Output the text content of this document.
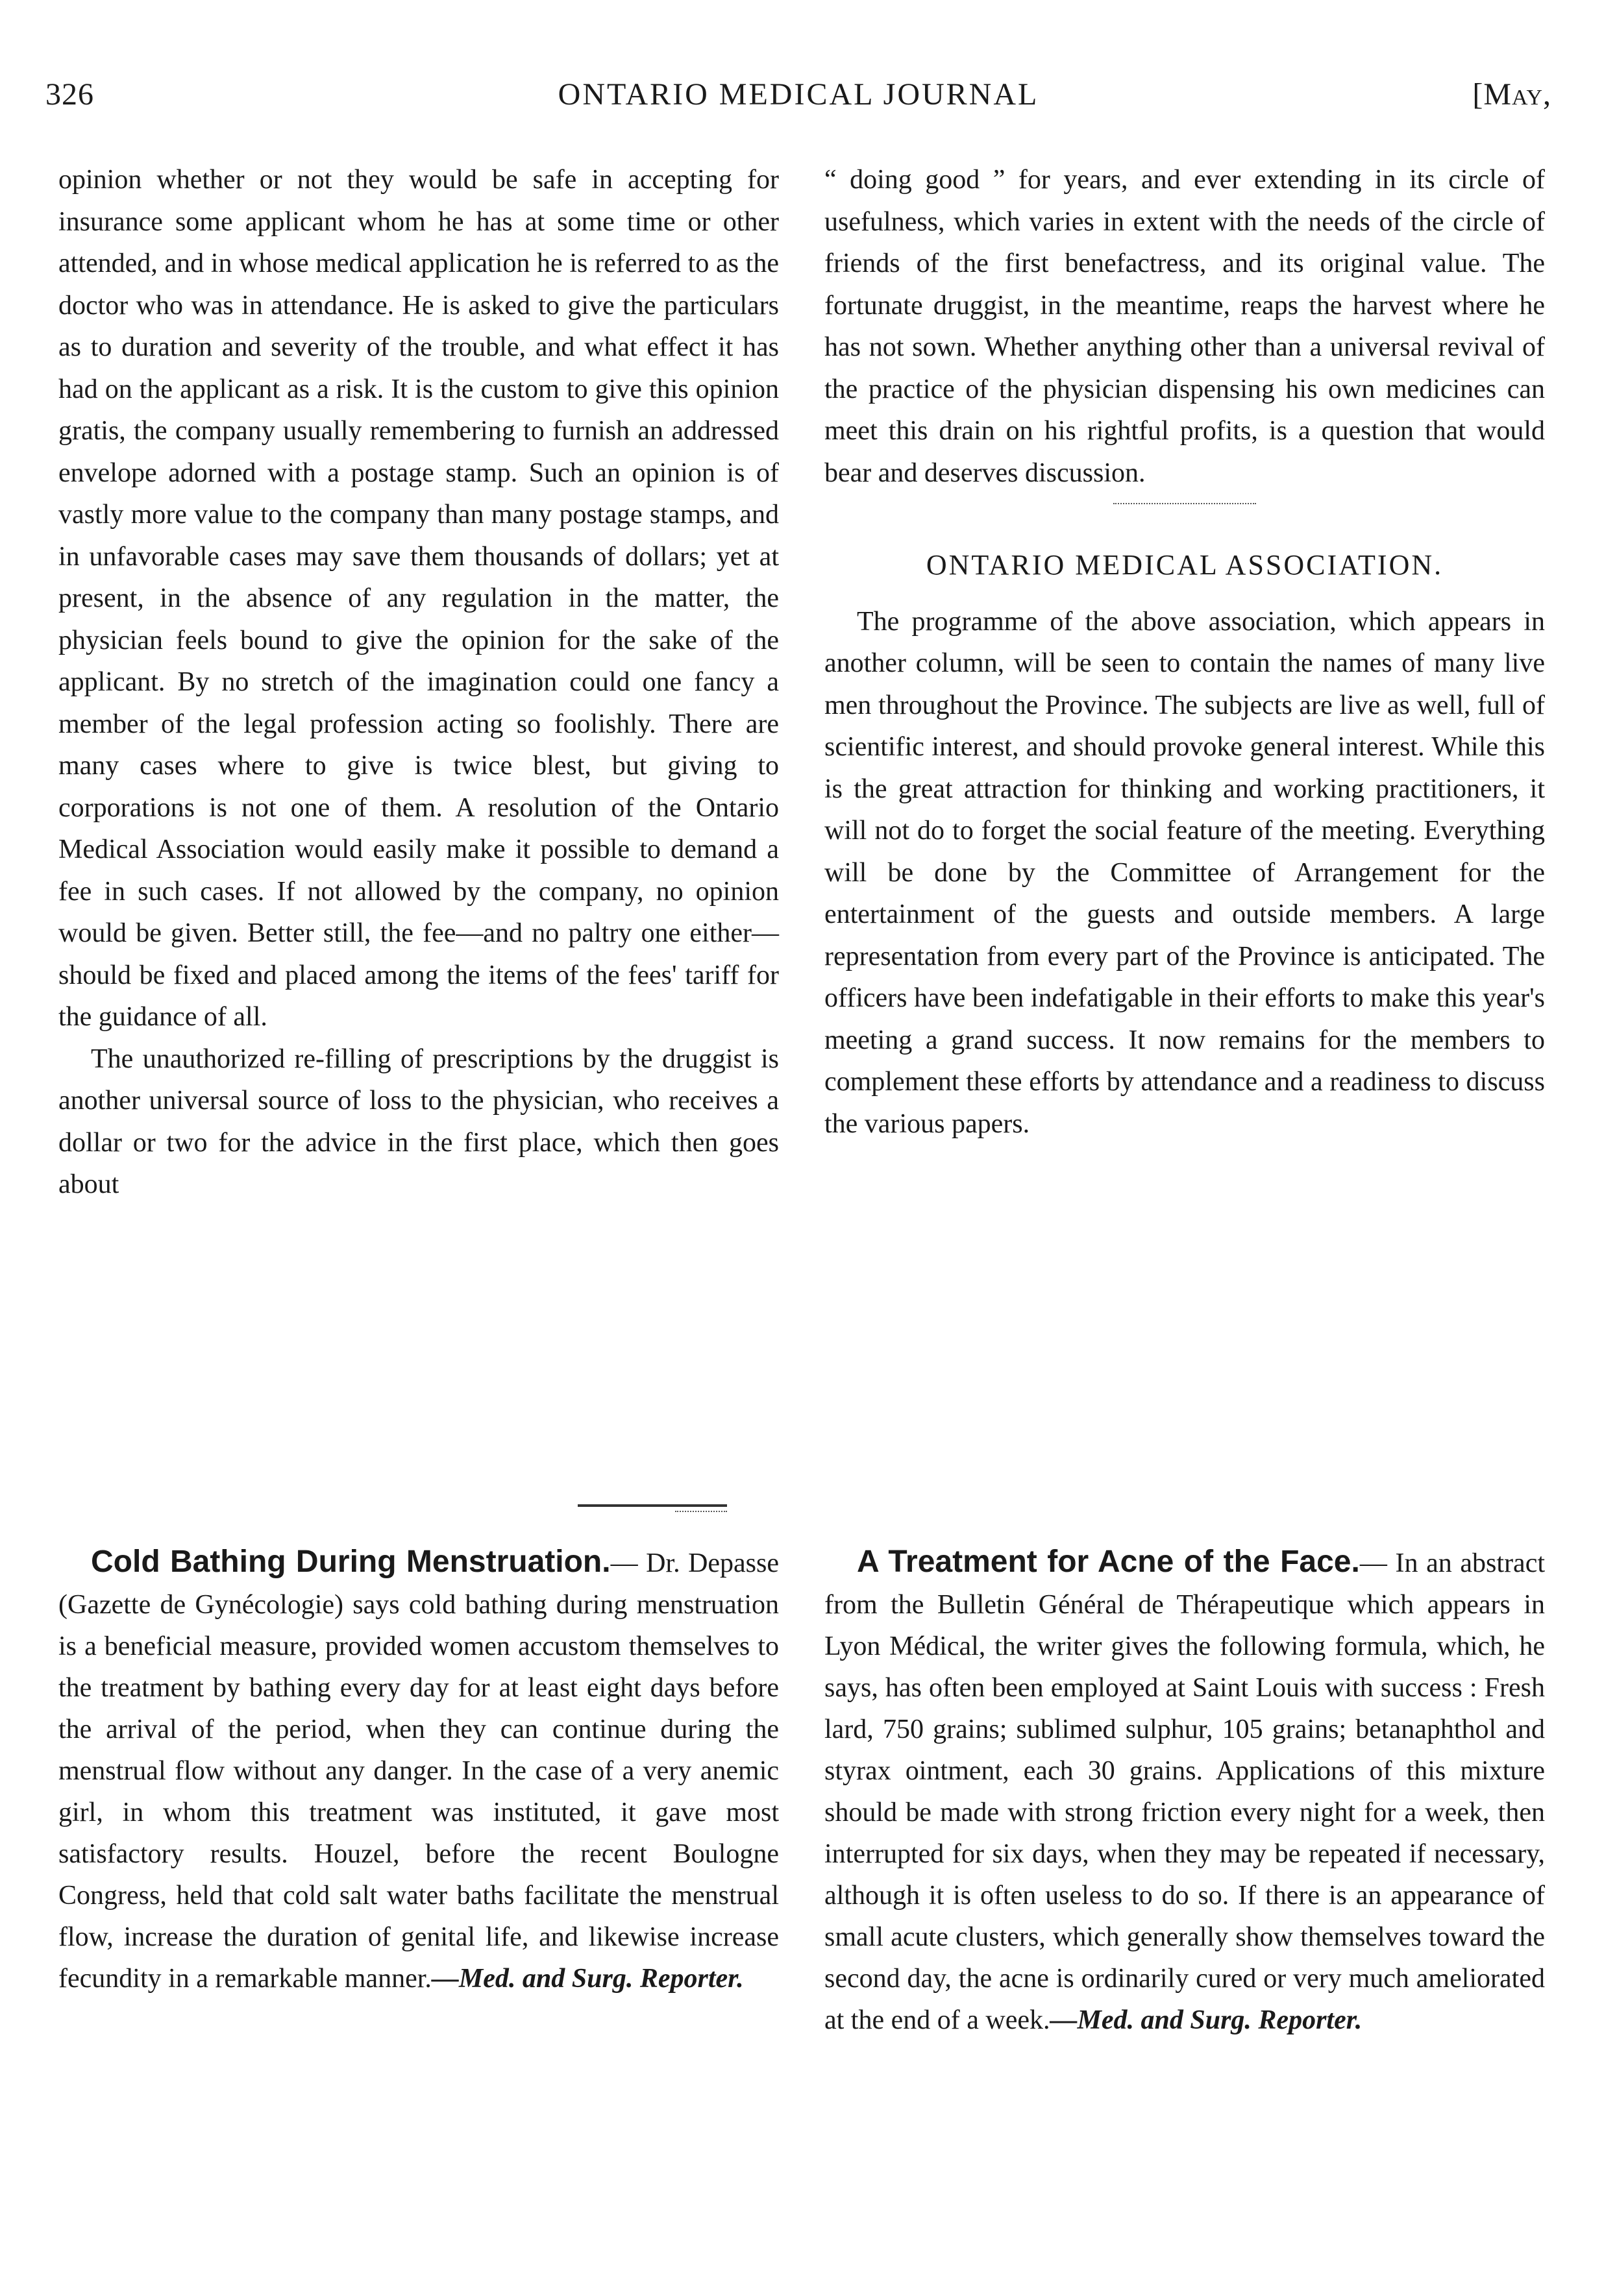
326	ONTARIO MEDICAL JOURNAL	[May,

opinion whether or not they would be safe in accepting for insurance some applicant whom he has at some time or other attended, and in whose medical application he is referred to as the doctor who was in attendance. He is asked to give the particulars as to duration and severity of the trouble, and what effect it has had on the applicant as a risk. It is the custom to give this opinion gratis, the company usually remembering to furnish an addressed envelope adorned with a postage stamp. Such an opinion is of vastly more value to the company than many postage stamps, and in unfavorable cases may save them thousands of dollars; yet at present, in the absence of any regulation in the matter, the physician feels bound to give the opinion for the sake of the applicant. By no stretch of the imagination could one fancy a member of the legal profession acting so foolishly. There are many cases where to give is twice blest, but giving to corporations is not one of them. A resolution of the Ontario Medical Association would easily make it possible to demand a fee in such cases. If not allowed by the company, no opinion would be given. Better still, the fee—and no paltry one either—should be fixed and placed among the items of the fees' tariff for the guidance of all.

The unauthorized re-filling of prescriptions by the druggist is another universal source of loss to the physician, who receives a dollar or two for the advice in the first place, which then goes about

“ doing good ” for years, and ever extending in its circle of usefulness, which varies in extent with the needs of the circle of friends of the first benefactress, and its original value. The fortunate druggist, in the meantime, reaps the harvest where he has not sown. Whether anything other than a universal revival of the practice of the physician dispensing his own medicines can meet this drain on his rightful profits, is a question that would bear and deserves discussion.

ONTARIO MEDICAL ASSOCIATION.

The programme of the above association, which appears in another column, will be seen to contain the names of many live men throughout the Province. The subjects are live as well, full of scientific interest, and should provoke general interest. While this is the great attraction for thinking and working practitioners, it will not do to forget the social feature of the meeting. Everything will be done by the Committee of Arrangement for the entertainment of the guests and outside members. A large representation from every part of the Province is anticipated. The officers have been indefatigable in their efforts to make this year's meeting a grand success. It now remains for the members to complement these efforts by attendance and a readiness to discuss the various papers.

Cold Bathing During Menstruation.— Dr. Depasse (Gazette de Gynécologie) says cold bathing during menstruation is a beneficial measure, provided women accustom themselves to the treatment by bathing every day for at least eight days before the arrival of the period, when they can continue during the menstrual flow without any danger. In the case of a very anemic girl, in whom this treatment was instituted, it gave most satisfactory results. Houzel, before the recent Boulogne Congress, held that cold salt water baths facilitate the menstrual flow, increase the duration of genital life, and likewise increase fecundity in a remarkable manner.—Med. and Surg. Reporter.

A Treatment for Acne of the Face.— In an abstract from the Bulletin Général de Thérapeutique which appears in Lyon Médical, the writer gives the following formula, which, he says, has often been employed at Saint Louis with success : Fresh lard, 750 grains; sublimed sulphur, 105 grains; betanaphthol and styrax ointment, each 30 grains. Applications of this mixture should be made with strong friction every night for a week, then interrupted for six days, when they may be repeated if necessary, although it is often useless to do so. If there is an appearance of small acute clusters, which generally show themselves toward the second day, the acne is ordinarily cured or very much ameliorated at the end of a week.—Med. and Surg. Reporter.
